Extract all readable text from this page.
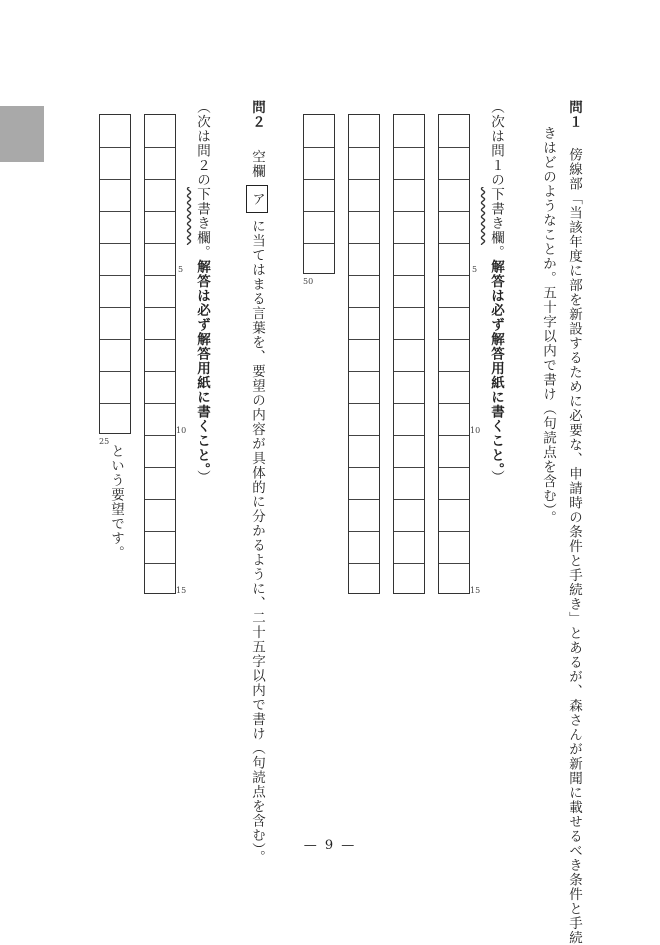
問１  傍線部「当該年度に部を新設するために必要な、申請時の条件と手続き」とあるが、森さんが新聞に載せるべき条件と手続
きはどのようなことか。五十字以内で書け（句読点を含む）。
（次は問１の下書き欄。解答は必ず解答用紙に書くこと。）
5
10
15
50
問２  空欄アに当てはまる言葉を、要望の内容が具体的に分かるように、二十五字以内で書け（句読点を含む）。
（次は問２の下書き欄。解答は必ず解答用紙に書くこと。）
5
10
15
25
という要望です。
— 9 —
